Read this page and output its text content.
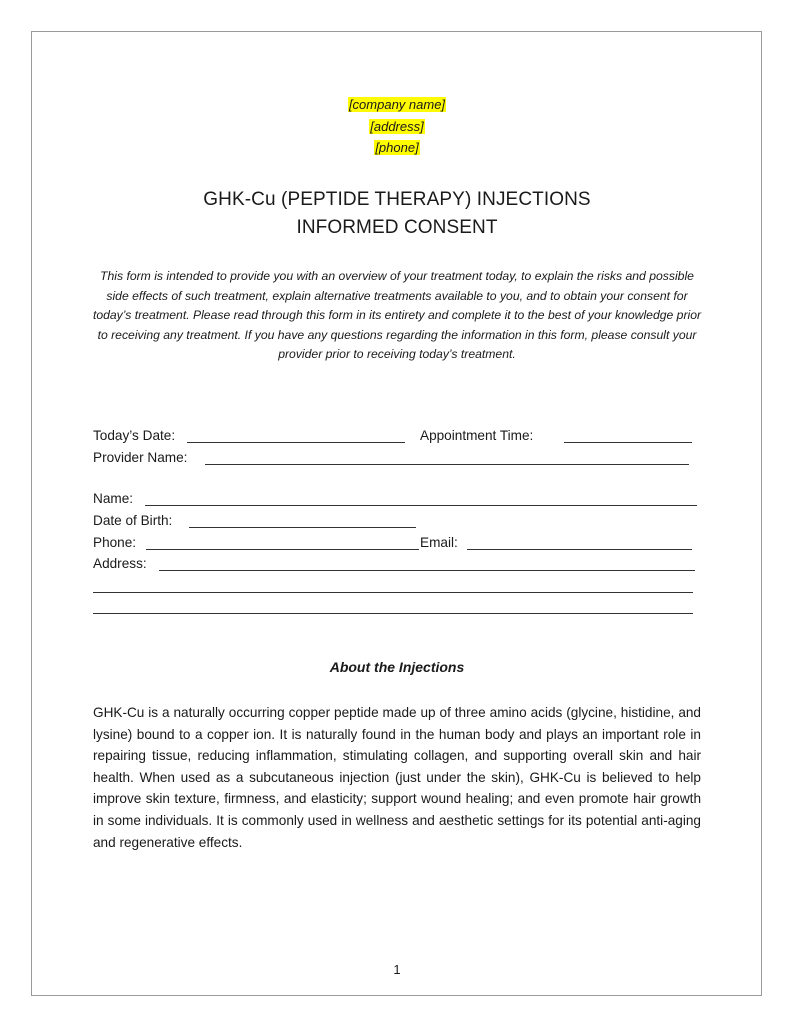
[company name]
[address]
[phone]
GHK-Cu (PEPTIDE THERAPY) INJECTIONS
INFORMED CONSENT
This form is intended to provide you with an overview of your treatment today, to explain the risks and possible side effects of such treatment, explain alternative treatments available to you, and to obtain your consent for today’s treatment. Please read through this form in its entirety and complete it to the best of your knowledge prior to receiving any treatment. If you have any questions regarding the information in this form, please consult your provider prior to receiving today’s treatment.
Today’s Date:	Appointment Time:
Provider Name:
Name:
Date of Birth:
Phone:	Email:
Address:
About the Injections
GHK-Cu is a naturally occurring copper peptide made up of three amino acids (glycine, histidine, and lysine) bound to a copper ion. It is naturally found in the human body and plays an important role in repairing tissue, reducing inflammation, stimulating collagen, and supporting overall skin and hair health. When used as a subcutaneous injection (just under the skin), GHK-Cu is believed to help improve skin texture, firmness, and elasticity; support wound healing; and even promote hair growth in some individuals. It is commonly used in wellness and aesthetic settings for its potential anti-aging and regenerative effects.
1
